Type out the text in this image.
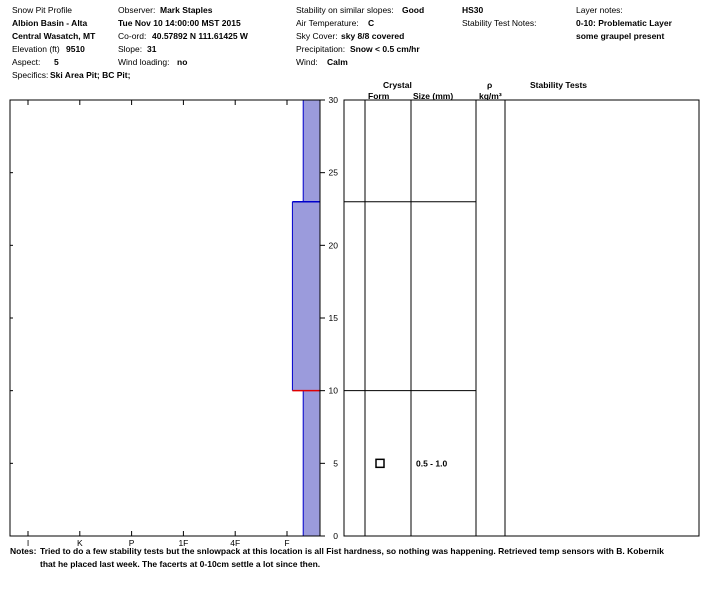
Snow Pit Profile
Albion Basin - Alta
Central Wasatch, MT
Elevation (ft) 9510
Aspect: 5
Specifics: Ski Area Pit; BC Pit;
Observer: Mark Staples
Tue Nov 10 14:00:00 MST 2015
Co-ord: 40.57892 N 111.61425 W
Slope: 31
Wind loading: no
Stability on similar slopes: Good
Air Temperature: C
Sky Cover: sky 8/8 covered
Precipitation: Snow < 0.5 cm/hr
Wind: Calm
HS30
Stability Test Notes:
Layer notes:
0-10: Problematic Layer
some graupel present
Crystal
Form	Size (mm)
ρ
kg/m³
Stability Tests
I	K	P	1F	4F	F
0
5
10
15
20
25
30
0.5 - 1.0
Notes: Tried to do a few stability tests but the snlowpack at this location is all Fist hardness, so nothing was happening. Retrieved temp sensors with B. Kobernik
that he placed last week. The facerts at 0-10cm settle a lot since then.
